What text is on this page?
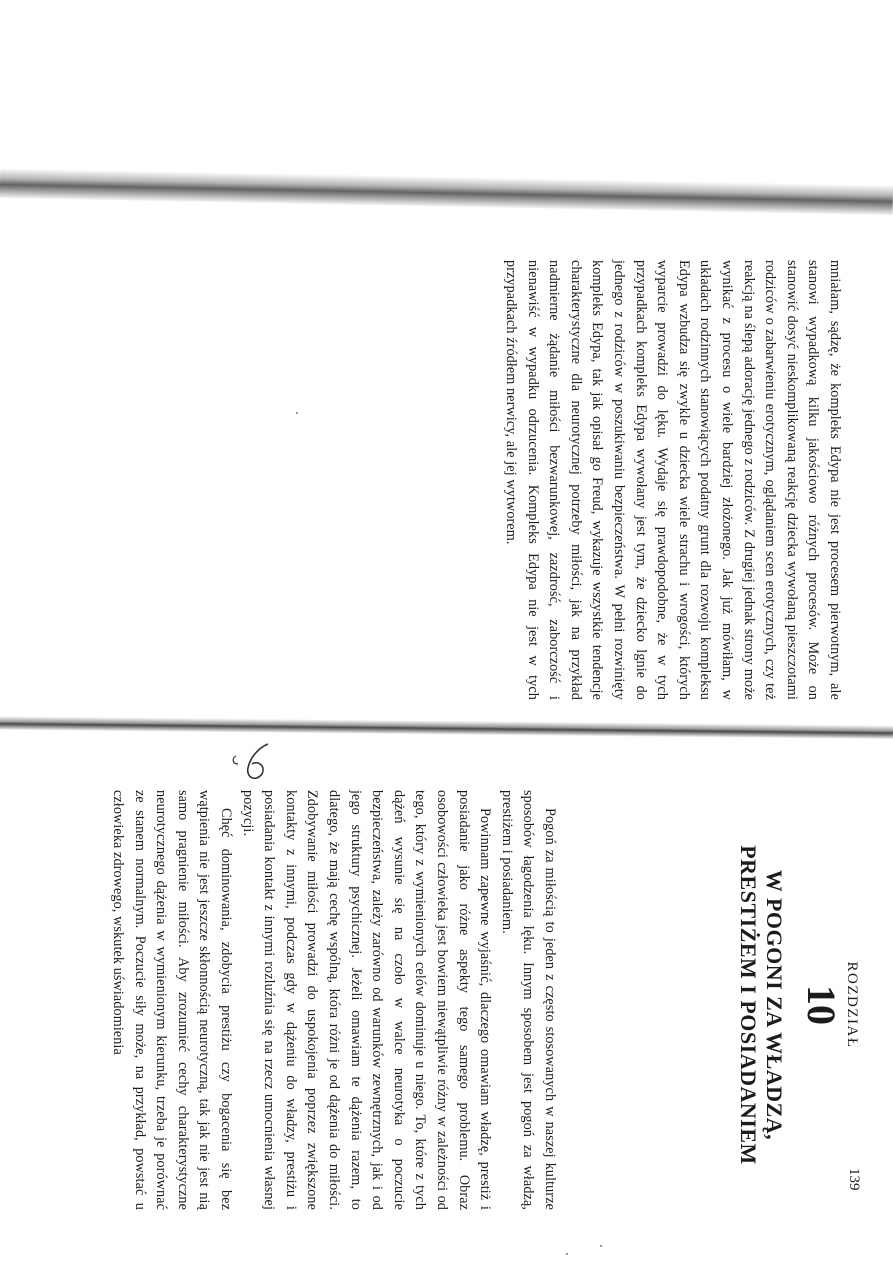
mniałam, sądzę, że kompleks Edypa nie jest procesem pierwotnym, ale stanowi wypadkową kilku jakościowo różnych procesów. Może on stanowić dosyć nieskomplikowaną reakcję dziecka wywołaną pieszczotami rodziców o zabarwieniu erotycznym, oglądaniem scen erotycznych, czy też reakcją na ślepą adorację jednego z rodziców. Z drugiej jednak strony może wynikać z procesu o wiele bardziej złożonego. Jak już mówiłam, w układach rodzinnych stanowiących podatny grunt dla rozwoju kompleksu Edypa wzbudza się zwykle u dziecka wiele strachu i wrogości, których wyparcie prowadzi do lęku. Wydaje się prawdopodobne, że w tych przypadkach kompleks Edypa wywołany jest tym, że dziecko lgnie do jednego z rodziców w poszukiwaniu bezpieczeństwa. W pełni rozwinięty kompleks Edypa, tak jak opisał go Freud, wykazuje wszystkie tendencje charakterystyczne dla neurotycznej potrzeby miłości, jak na przykład nadmierne żądanie miłości bezwarunkowej, zazdrość, zaborczość i nienawiść w wypadku odrzucenia. Kompleks Edypa nie jest w tych przypadkach źródłem nerwicy, ale jej wytworem.

ROZDZIAŁ

10

W POGONI ZA WŁADZĄ,
PRESTIŻEM I POSIADANIEM

Pogoń za miłością to jeden z często stosowanych w naszej kulturze sposobów łagodzenia lęku. Innym sposobem jest pogoń za władzą, prestiżem i posiadaniem.

Powinnam zapewne wyjaśnić, dlaczego omawiam władzę, prestiż i posiadanie jako różne aspekty tego samego problemu. Obraz osobowości człowieka jest bowiem niewątpliwie różny w zależności od tego, który z wymienionych celów dominuje u niego. To, które z tych dążeń wysunie się na czoło w walce neurotyka o poczucie bezpieczeństwa, zależy zarówno od warunków zewnętrznych, jak i od jego struktury psychicznej. Jeżeli omawiam te dążenia razem, to dlatego, że mają cechę wspólną, która różni je od dążenia do miłości. Zdobywanie miłości prowadzi do uspokojenia poprzez zwiększone kontakty z innymi, podczas gdy w dążeniu do władzy, prestiżu i posiadania kontakt z innymi rozluźnia się na rzecz umocnienia własnej pozycji.

Chęć dominowania, zdobycia prestiżu czy bogacenia się bez wątpienia nie jest jeszcze skłonnością neurotyczną, tak jak nie jest nią samo pragnienie miłości. Aby zrozumieć cechy charakterystyczne neurotycznego dążenia w wymienionym kierunku, trzeba je porównać ze stanem normalnym. Poczucie siły może, na przykład, powstać u człowieka zdrowego, wskutek uświadomienia

139
